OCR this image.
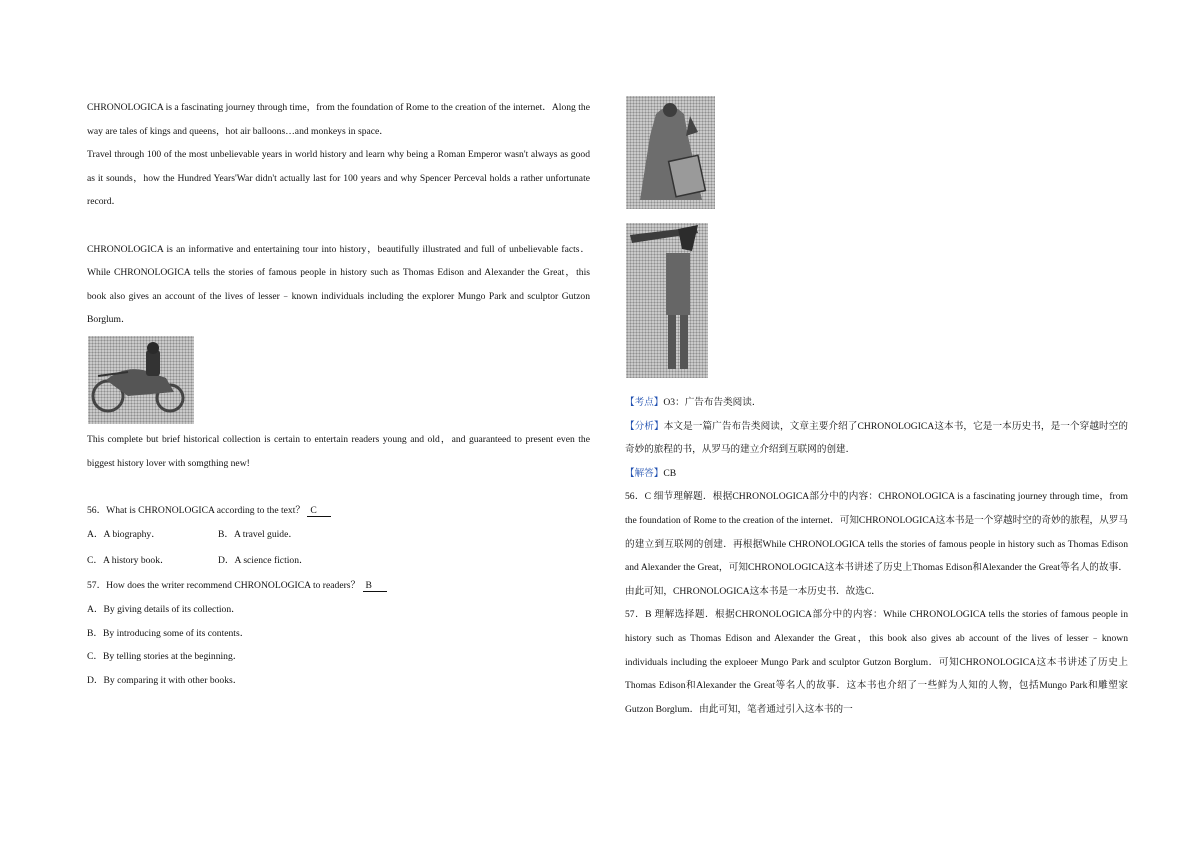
CHRONOLOGICA is a fascinating journey through time，from the foundation of Rome to the creation of the internet．Along the way are tales of kings and queens，hot air balloons…and monkeys in space．

Travel through 100 of the most unbelievable years in world history and learn why being a Roman Emperor wasn't always as good as it sounds，how the Hundred Years'War didn't actually last for 100 years and why Spencer Perceval holds a rather unfortunate record．

CHRONOLOGICA is an informative and entertaining tour into history，beautifully illustrated and full of unbelievable facts．While CHRONOLOGICA tells the stories of famous people in history such as Thomas Edison and Alexander the Great，this book also gives an account of the lives of lesser﹣known individuals including the explorer Mungo Park and sculptor Gutzon Borglum．

This complete but brief historical collection is certain to entertain readers young and old，and guaranteed to present even the biggest history lover with somgthing new!

56．What is CHRONOLOGICA according to the text？ C

A．A biography．	B．A travel guide．
C．A history book．	D．A science fiction．

57．How does the writer recommend CHRONOLOGICA to readers？ B

A．By giving details of its collection．
B．By introducing some of its contents．
C．By telling stories at the beginning．
D．By comparing it with other books．

【考点】O3：广告布告类阅读．

【分析】本文是一篇广告布告类阅读，文章主要介绍了CHRONOLOGICA这本书，它是一本历史书，是一个穿越时空的奇妙的旅程的书，从罗马的建立介绍到互联网的创建．

【解答】CB

56．C 细节理解题．根据CHRONOLOGICA部分中的内容：CHRONOLOGICA is a fascinating journey through time，from the foundation of Rome to the creation of the internet．可知CHRONOLOGICA这本书是一个穿越时空的奇妙的旅程，从罗马的建立到互联网的创建．再根据While CHRONOLOGICA tells the stories of famous people in history such as Thomas Edison and Alexander the Great，可知CHRONOLOGICA这本书讲述了历史上Thomas Edison和Alexander the Great等名人的故事．由此可知，CHRONOLOGICA这本书是一本历史书．故选C．

57．B 理解选择题．根据CHRONOLOGICA部分中的内容：While CHRONOLOGICA tells the stories of famous people in history such as Thomas Edison and Alexander the Great，this book also gives ab account of the lives of lesser﹣known individuals including the exploeer Mungo Park and sculptor Gutzon Borglum．可知CHRONOLOGICA这本书讲述了历史上Thomas Edison和Alexander the Great等名人的故事．这本书也介绍了一些鲜为人知的人物，包括Mungo Park和雕塑家Gutzon Borglum．由此可知，笔者通过引入这本书的一
